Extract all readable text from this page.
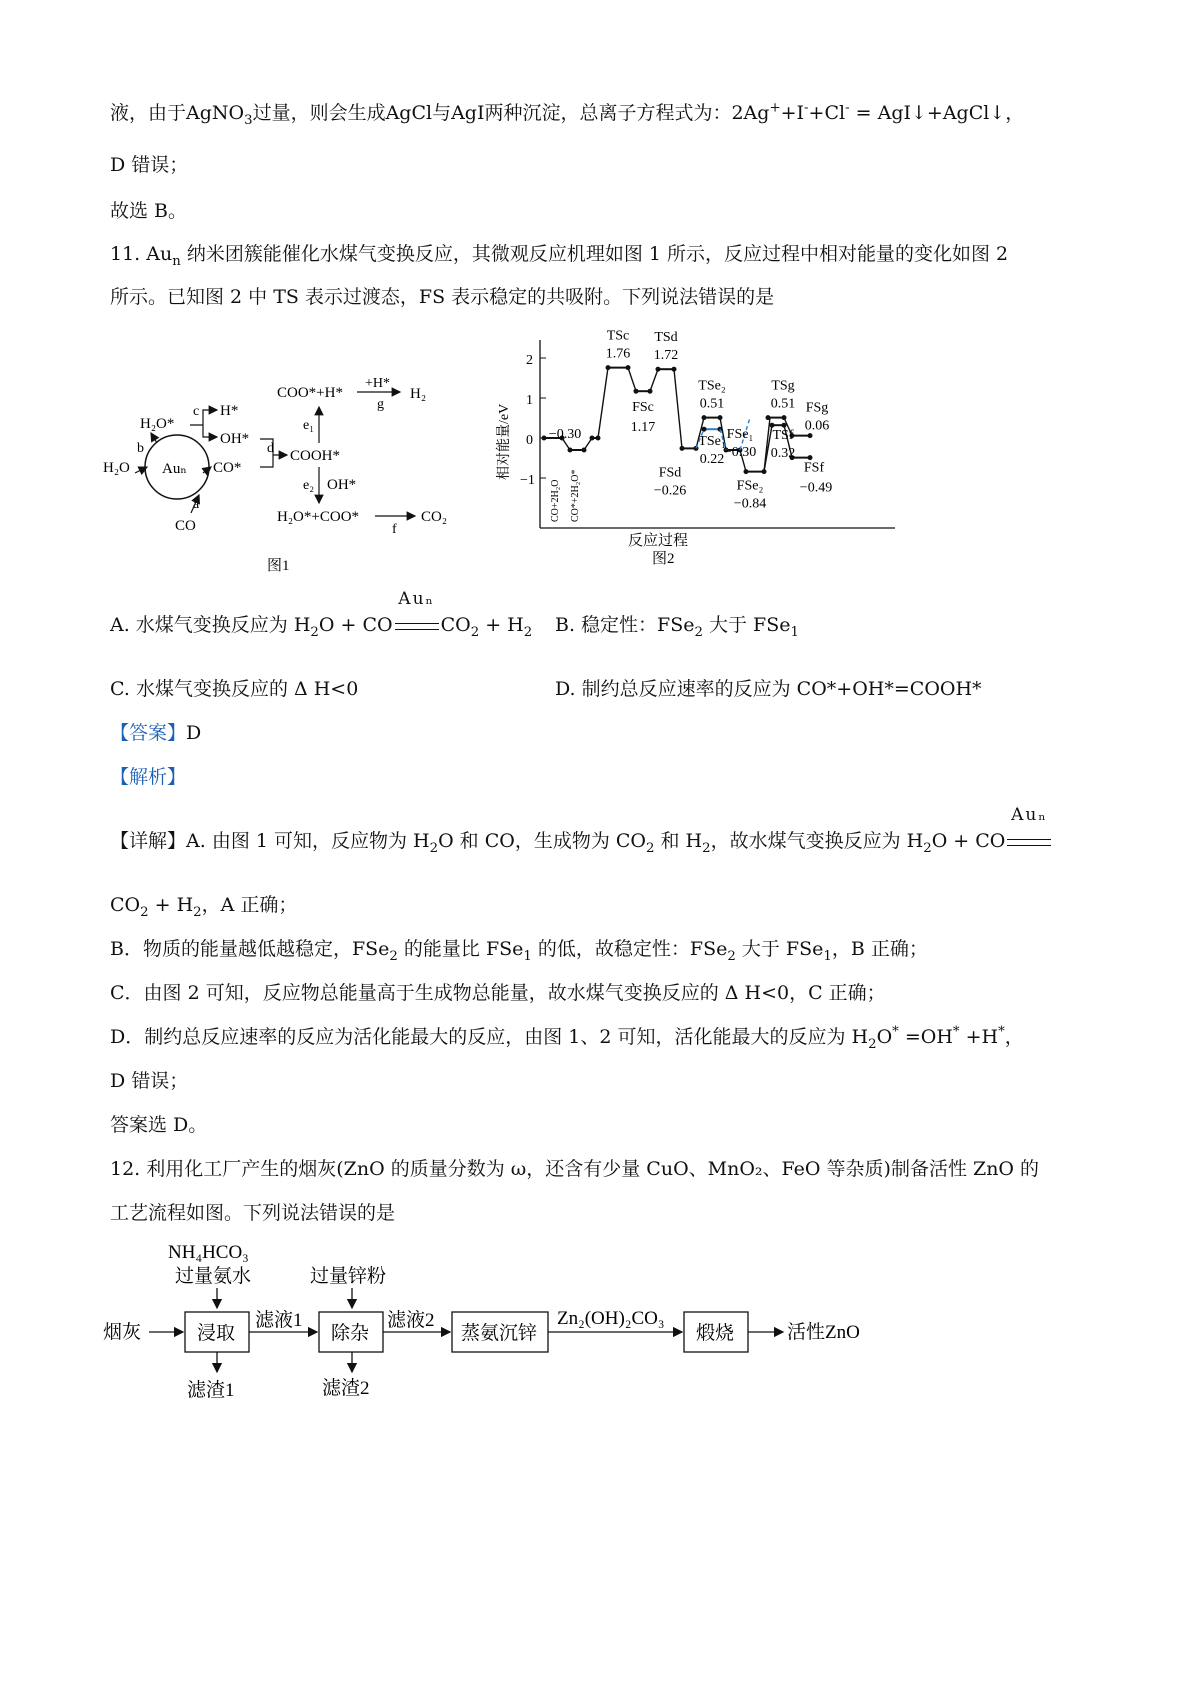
液，由于AgNO$_3$过量，则会生成AgCl与AgI两种沉淀，总离子方程式为：2Ag++I-+Cl- = AgI↓+AgCl↓，
D 错误；
故选 B。
11. $Au_n$ 纳米团簇能催化水煤气变换反应，其微观反应机理如图 1 所示，反应过程中相对能量的变化如图 2
所示。已知图 2 中 TS 表示过渡态，FS 表示稳定的共吸附。下列说法错误的是
Auₙ
H₂O
H₂O*
b
CO
a
CO*
c H*
OH*
d COOH*
e₁
COO*+H*
+H*
g
H₂
e₂ OH*
H₂O*+COO*
f
CO₂
图1
2
1
0
−1
相对能量/eV
反应过程
图2
CO+2H₂O CO*+2H₂O*
−0.30
TSc
1.76
FSc
1.17
TSd
1.72
FSd
−0.26
TSe₂
0.51
TSe₁
0.22
FSe₁
−0.30
FSe₂
−0.84
TSg
0.51
TSf
0.32
FSg
0.06
FSf
−0.49
A. 水煤气变换反应为 $H_2O$ + CO
Auₙ
$CO_2 + H_2$ B. 稳定性：FSe$_2$ 大于 FSe$_1$
C. 水煤气变换反应的 Δ H<0	D. 制约总反应速率的反应为 CO*+OH*=COOH*
【答案】D
【解析】
【详解】A. 由图 1 可知，反应物为 $H_2O$ 和 CO，生成物为 $CO_2$ 和 $H_2$，故水煤气变换反应为 $H_2O$ + CO
Auₙ
$CO_2 + H_2$，A 正确；
B．物质的能量越低越稳定，FSe$_2$ 的能量比 FSe$_1$ 的低，故稳定性：FSe$_2$ 大于 FSe$_1$，B 正确；
C．由图 2 可知，反应物总能量高于生成物总能量，故水煤气变换反应的 Δ H<0，C 正确；
D．制约总反应速率的反应为活化能最大的反应，由图 1、2 可知，活化能最大的反应为 $H_2O^* =OH^* +H^*$，
D 错误；
答案选 D。
12. 利用化工厂产生的烟灰(ZnO 的质量分数为 ω，还含有少量 CuO、MnO₂、FeO 等杂质)制备活性 ZnO 的
工艺流程如图。下列说法错误的是
NH₄HCO₃
过量氨水	过量锌粉
烟灰	浸取
滤液1
除杂
滤液2
蒸氨沉锌
Zn₂(OH)₂CO₃
煅烧	活性ZnO
滤渣1	滤渣2
